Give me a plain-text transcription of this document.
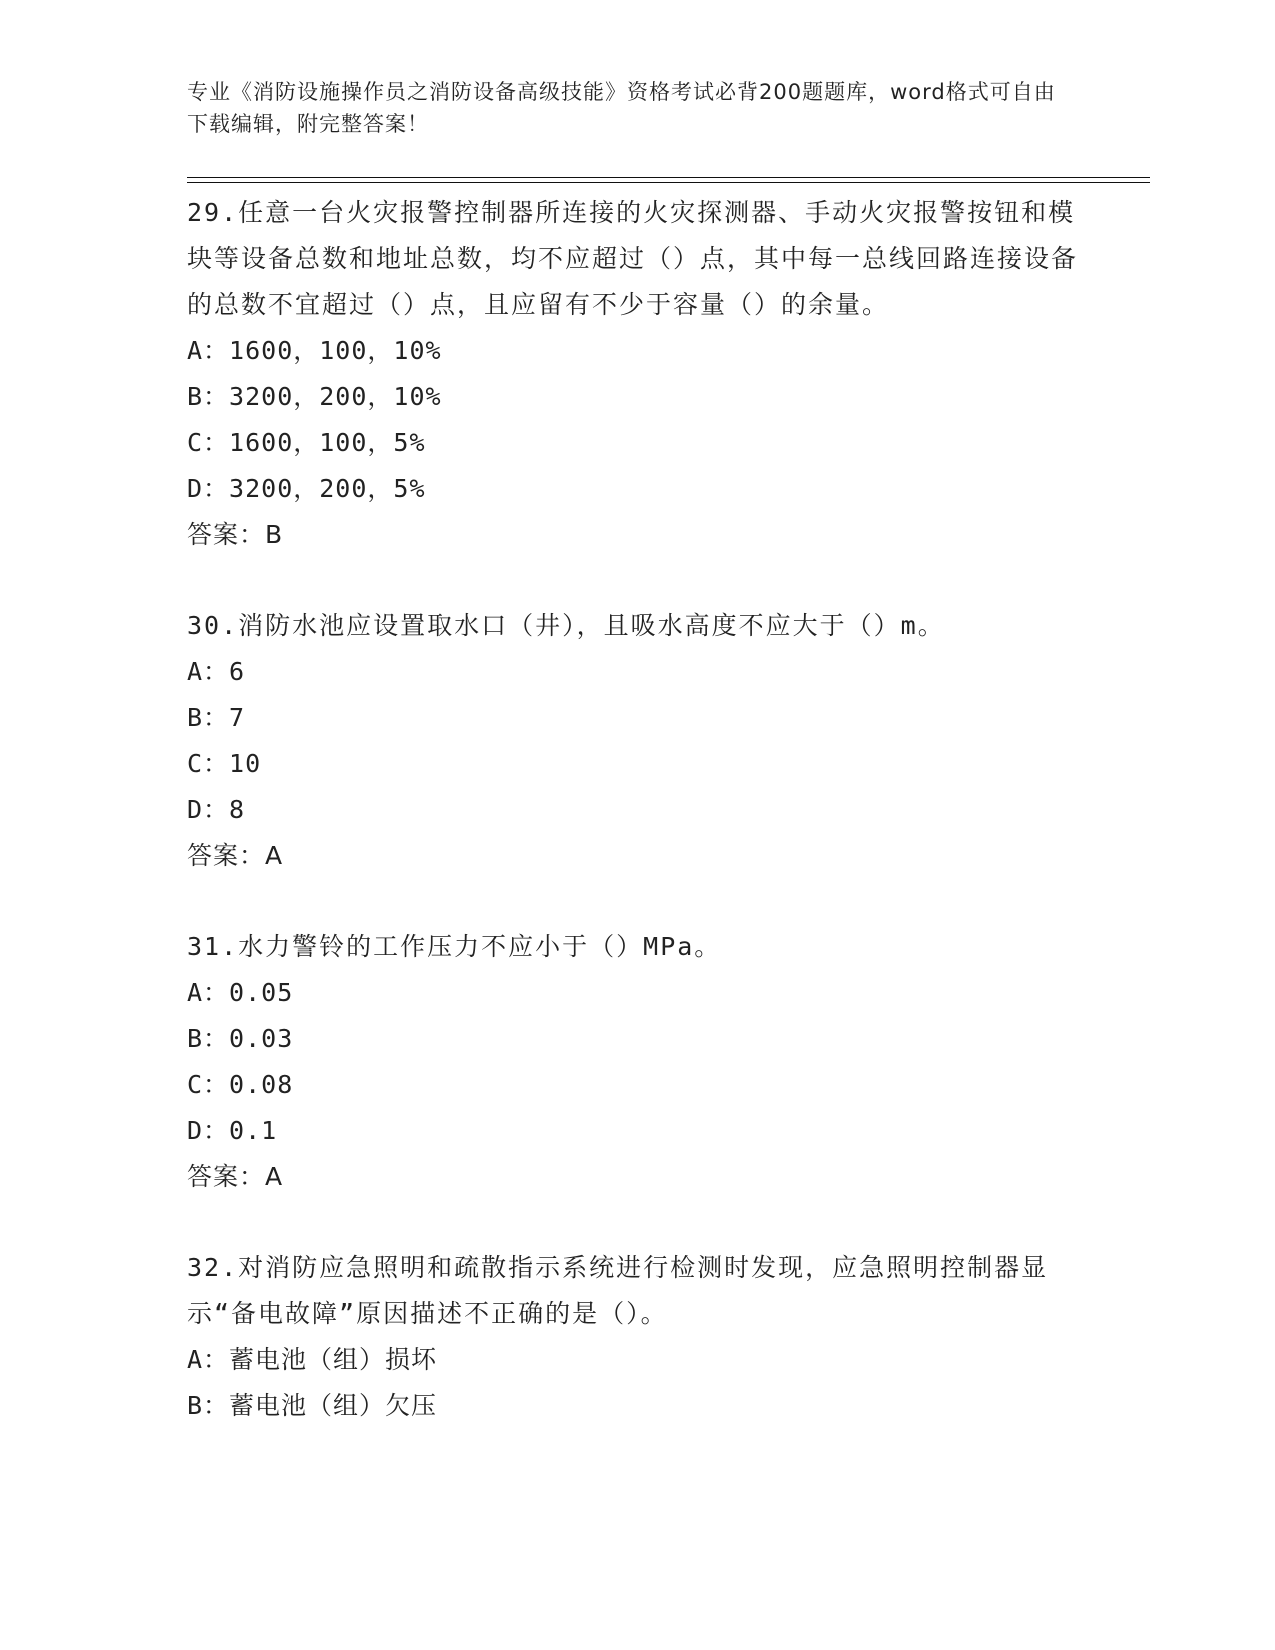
专业《消防设施操作员之消防设备高级技能》资格考试必背200题题库，word格式可自由下载编辑，附完整答案！
29.任意一台火灾报警控制器所连接的火灾探测器、手动火灾报警按钮和模块等设备总数和地址总数，均不应超过（）点，其中每一总线回路连接设备的总数不宜超过（）点，且应留有不少于容量（）的余量。
A：1600，100，10%
B：3200，200，10%
C：1600，100，5%
D：3200，200，5%
答案：B
30.消防水池应设置取水口（井），且吸水高度不应大于（）m。
A：6
B：7
C：10
D：8
答案：A
31.水力警铃的工作压力不应小于（）MPa。
A：0.05
B：0.03
C：0.08
D：0.1
答案：A
32.对消防应急照明和疏散指示系统进行检测时发现，应急照明控制器显示“备电故障”原因描述不正确的是（）。
A：蓄电池（组）损坏
B：蓄电池（组）欠压
